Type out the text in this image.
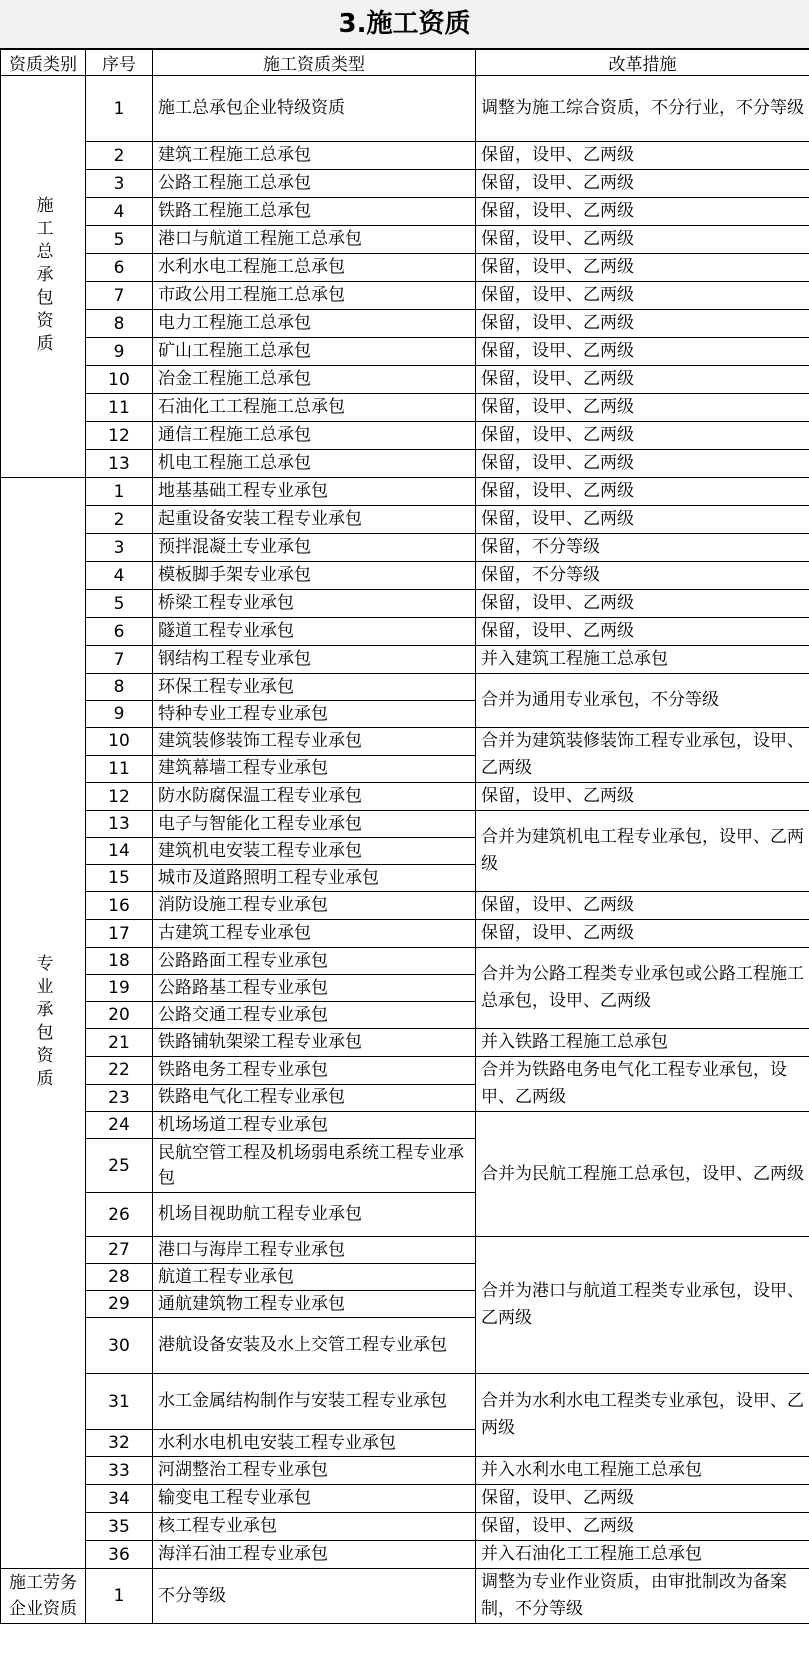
3.施工资质
资质类别	序号	施工资质类型	改革措施
施工总承包资质	1	施工总承包企业特级资质	调整为施工综合资质，不分行业，不分等级
	2	建筑工程施工总承包	保留，设甲、乙两级
	3	公路工程施工总承包	保留，设甲、乙两级
	4	铁路工程施工总承包	保留，设甲、乙两级
	5	港口与航道工程施工总承包	保留，设甲、乙两级
	6	水利水电工程施工总承包	保留，设甲、乙两级
	7	市政公用工程施工总承包	保留，设甲、乙两级
	8	电力工程施工总承包	保留，设甲、乙两级
	9	矿山工程施工总承包	保留，设甲、乙两级
	10	冶金工程施工总承包	保留，设甲、乙两级
	11	石油化工工程施工总承包	保留，设甲、乙两级
	12	通信工程施工总承包	保留，设甲、乙两级
	13	机电工程施工总承包	保留，设甲、乙两级
专业承包资质	1	地基基础工程专业承包	保留，设甲、乙两级
	2	起重设备安装工程专业承包	保留，设甲、乙两级
	3	预拌混凝土专业承包	保留，不分等级
	4	模板脚手架专业承包	保留，不分等级
	5	桥梁工程专业承包	保留，设甲、乙两级
	6	隧道工程专业承包	保留，设甲、乙两级
	7	钢结构工程专业承包	并入建筑工程施工总承包
	8	环保工程专业承包	合并为通用专业承包，不分等级
	9	特种专业工程专业承包	
	10	建筑装修装饰工程专业承包	合并为建筑装修装饰工程专业承包，设甲、乙两级
	11	建筑幕墙工程专业承包	
	12	防水防腐保温工程专业承包	保留，设甲、乙两级
	13	电子与智能化工程专业承包	合并为建筑机电工程专业承包，设甲、乙两级
	14	建筑机电安装工程专业承包	
	15	城市及道路照明工程专业承包	
	16	消防设施工程专业承包	保留，设甲、乙两级
	17	古建筑工程专业承包	保留，设甲、乙两级
	18	公路路面工程专业承包	合并为公路工程类专业承包或公路工程施工总承包，设甲、乙两级
	19	公路路基工程专业承包	
	20	公路交通工程专业承包	
	21	铁路铺轨架梁工程专业承包	并入铁路工程施工总承包
	22	铁路电务工程专业承包	合并为铁路电务电气化工程专业承包，设甲、乙两级
	23	铁路电气化工程专业承包	
	24	机场场道工程专业承包	合并为民航工程施工总承包，设甲、乙两级
	25	民航空管工程及机场弱电系统工程专业承包	
	26	机场目视助航工程专业承包	
	27	港口与海岸工程专业承包	合并为港口与航道工程类专业承包，设甲、乙两级
	28	航道工程专业承包	
	29	通航建筑物工程专业承包	
	30	港航设备安装及水上交管工程专业承包	
	31	水工金属结构制作与安装工程专业承包	合并为水利水电工程类专业承包，设甲、乙两级
	32	水利水电机电安装工程专业承包	
	33	河湖整治工程专业承包	并入水利水电工程施工总承包
	34	输变电工程专业承包	保留，设甲、乙两级
	35	核工程专业承包	保留，设甲、乙两级
	36	海洋石油工程专业承包	并入石油化工工程施工总承包
施工劳务企业资质	1	不分等级	调整为专业作业资质，由审批制改为备案制，不分等级
